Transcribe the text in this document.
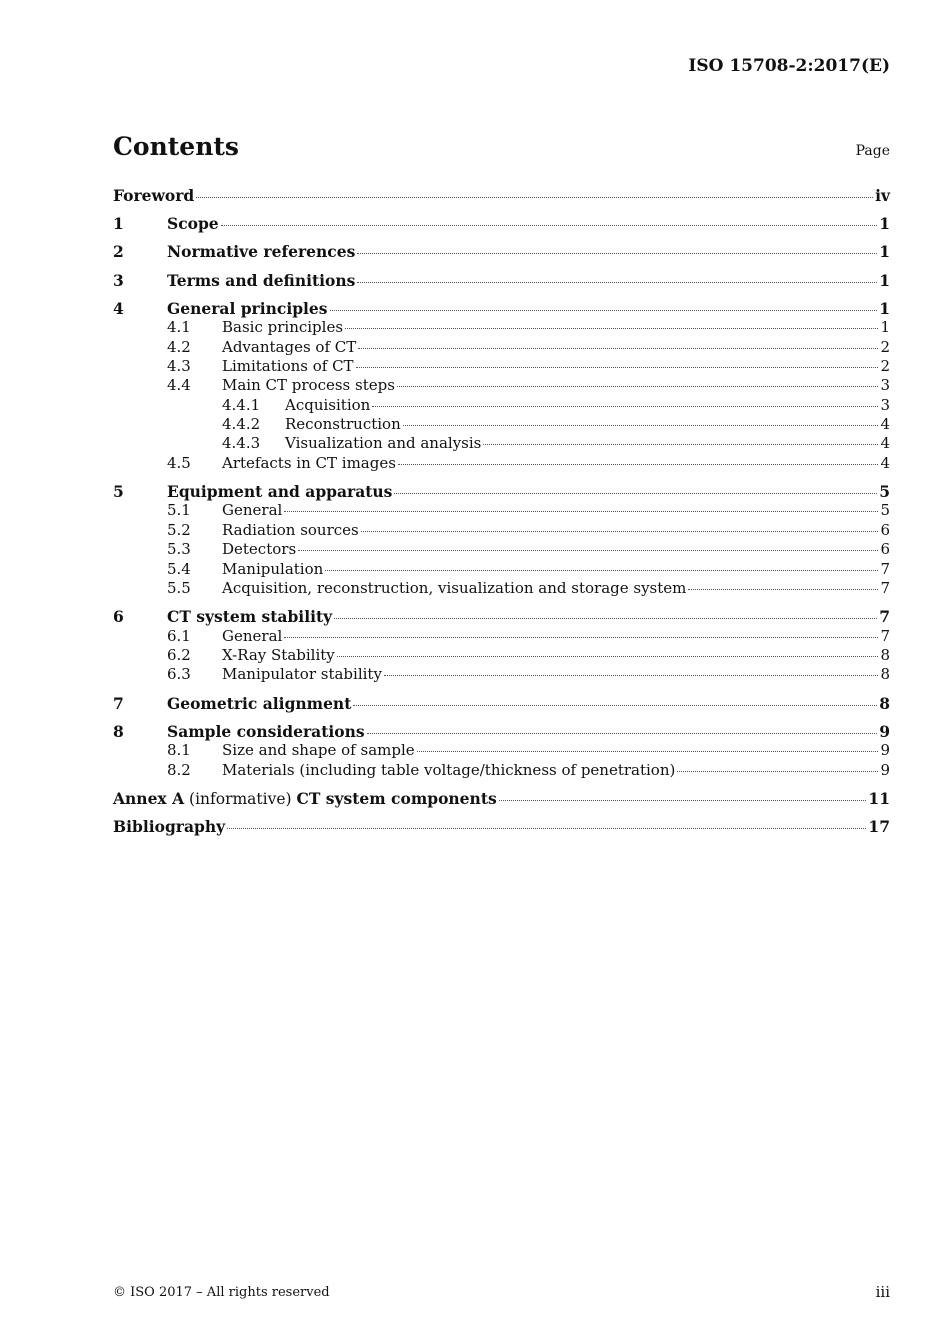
ISO 15708-2:2017(E)
Contents	Page
Foreword	iv
1	Scope	1
2	Normative references	1
3	Terms and definitions	1
4	General principles	1
4.1	Basic principles	1
4.2	Advantages of CT	2
4.3	Limitations of CT	2
4.4	Main CT process steps	3
4.4.1	Acquisition	3
4.4.2	Reconstruction	4
4.4.3	Visualization and analysis	4
4.5	Artefacts in CT images	4
5	Equipment and apparatus	5
5.1	General	5
5.2	Radiation sources	6
5.3	Detectors	6
5.4	Manipulation	7
5.5	Acquisition, reconstruction, visualization and storage system	7
6	CT system stability	7
6.1	General	7
6.2	X-Ray Stability	8
6.3	Manipulator stability	8
7	Geometric alignment	8
8	Sample considerations	9
8.1	Size and shape of sample	9
8.2	Materials (including table voltage/thickness of penetration)	9
Annex A (informative) CT system components	11
Bibliography	17
© ISO 2017 – All rights reserved	iii
